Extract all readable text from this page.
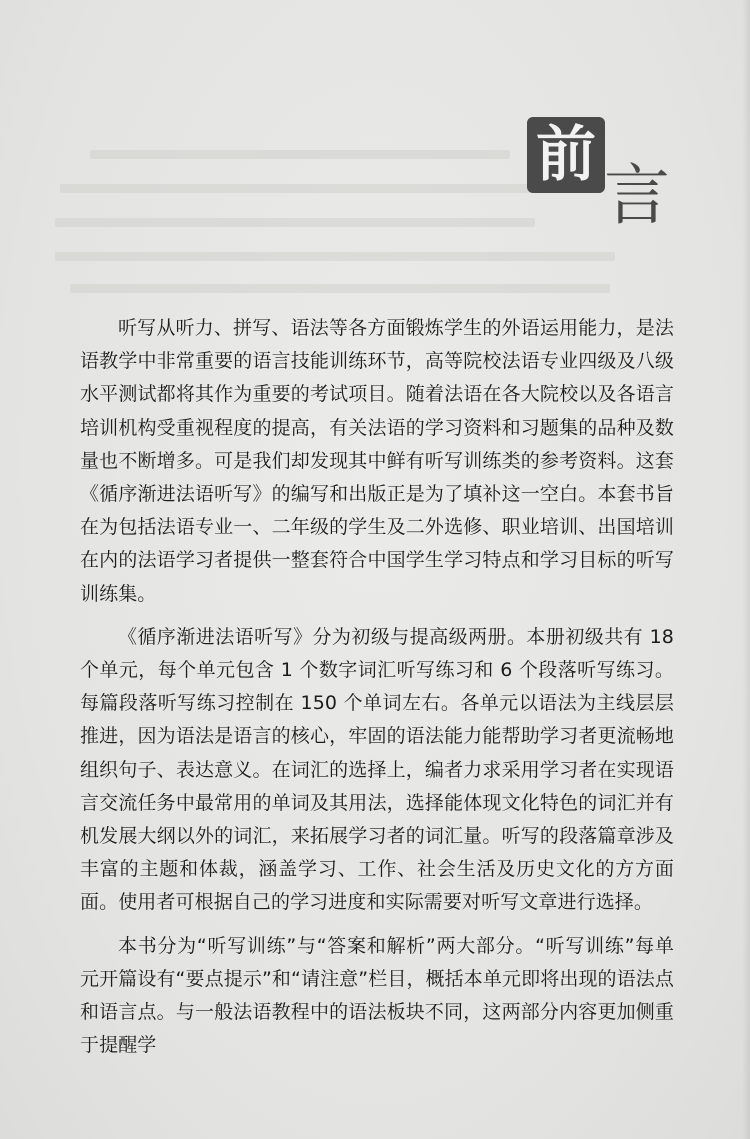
前
言

听写从听力、拼写、语法等各方面锻炼学生的外语运用能力，是法语教学中非常重要的语言技能训练环节，高等院校法语专业四级及八级水平测试都将其作为重要的考试项目。随着法语在各大院校以及各语言培训机构受重视程度的提高，有关法语的学习资料和习题集的品种及数量也不断增多。可是我们却发现其中鲜有听写训练类的参考资料。这套《循序渐进法语听写》的编写和出版正是为了填补这一空白。本套书旨在为包括法语专业一、二年级的学生及二外选修、职业培训、出国培训在内的法语学习者提供一整套符合中国学生学习特点和学习目标的听写训练集。

《循序渐进法语听写》分为初级与提高级两册。本册初级共有 18 个单元，每个单元包含 1 个数字词汇听写练习和 6 个段落听写练习。每篇段落听写练习控制在 150 个单词左右。各单元以语法为主线层层推进，因为语法是语言的核心，牢固的语法能力能帮助学习者更流畅地组织句子、表达意义。在词汇的选择上，编者力求采用学习者在实现语言交流任务中最常用的单词及其用法，选择能体现文化特色的词汇并有机发展大纲以外的词汇，来拓展学习者的词汇量。听写的段落篇章涉及丰富的主题和体裁，涵盖学习、工作、社会生活及历史文化的方方面面。使用者可根据自己的学习进度和实际需要对听写文章进行选择。

本书分为“听写训练”与“答案和解析”两大部分。“听写训练”每单元开篇设有“要点提示”和“请注意”栏目，概括本单元即将出现的语法点和语言点。与一般法语教程中的语法板块不同，这两部分内容更加侧重于提醒学
